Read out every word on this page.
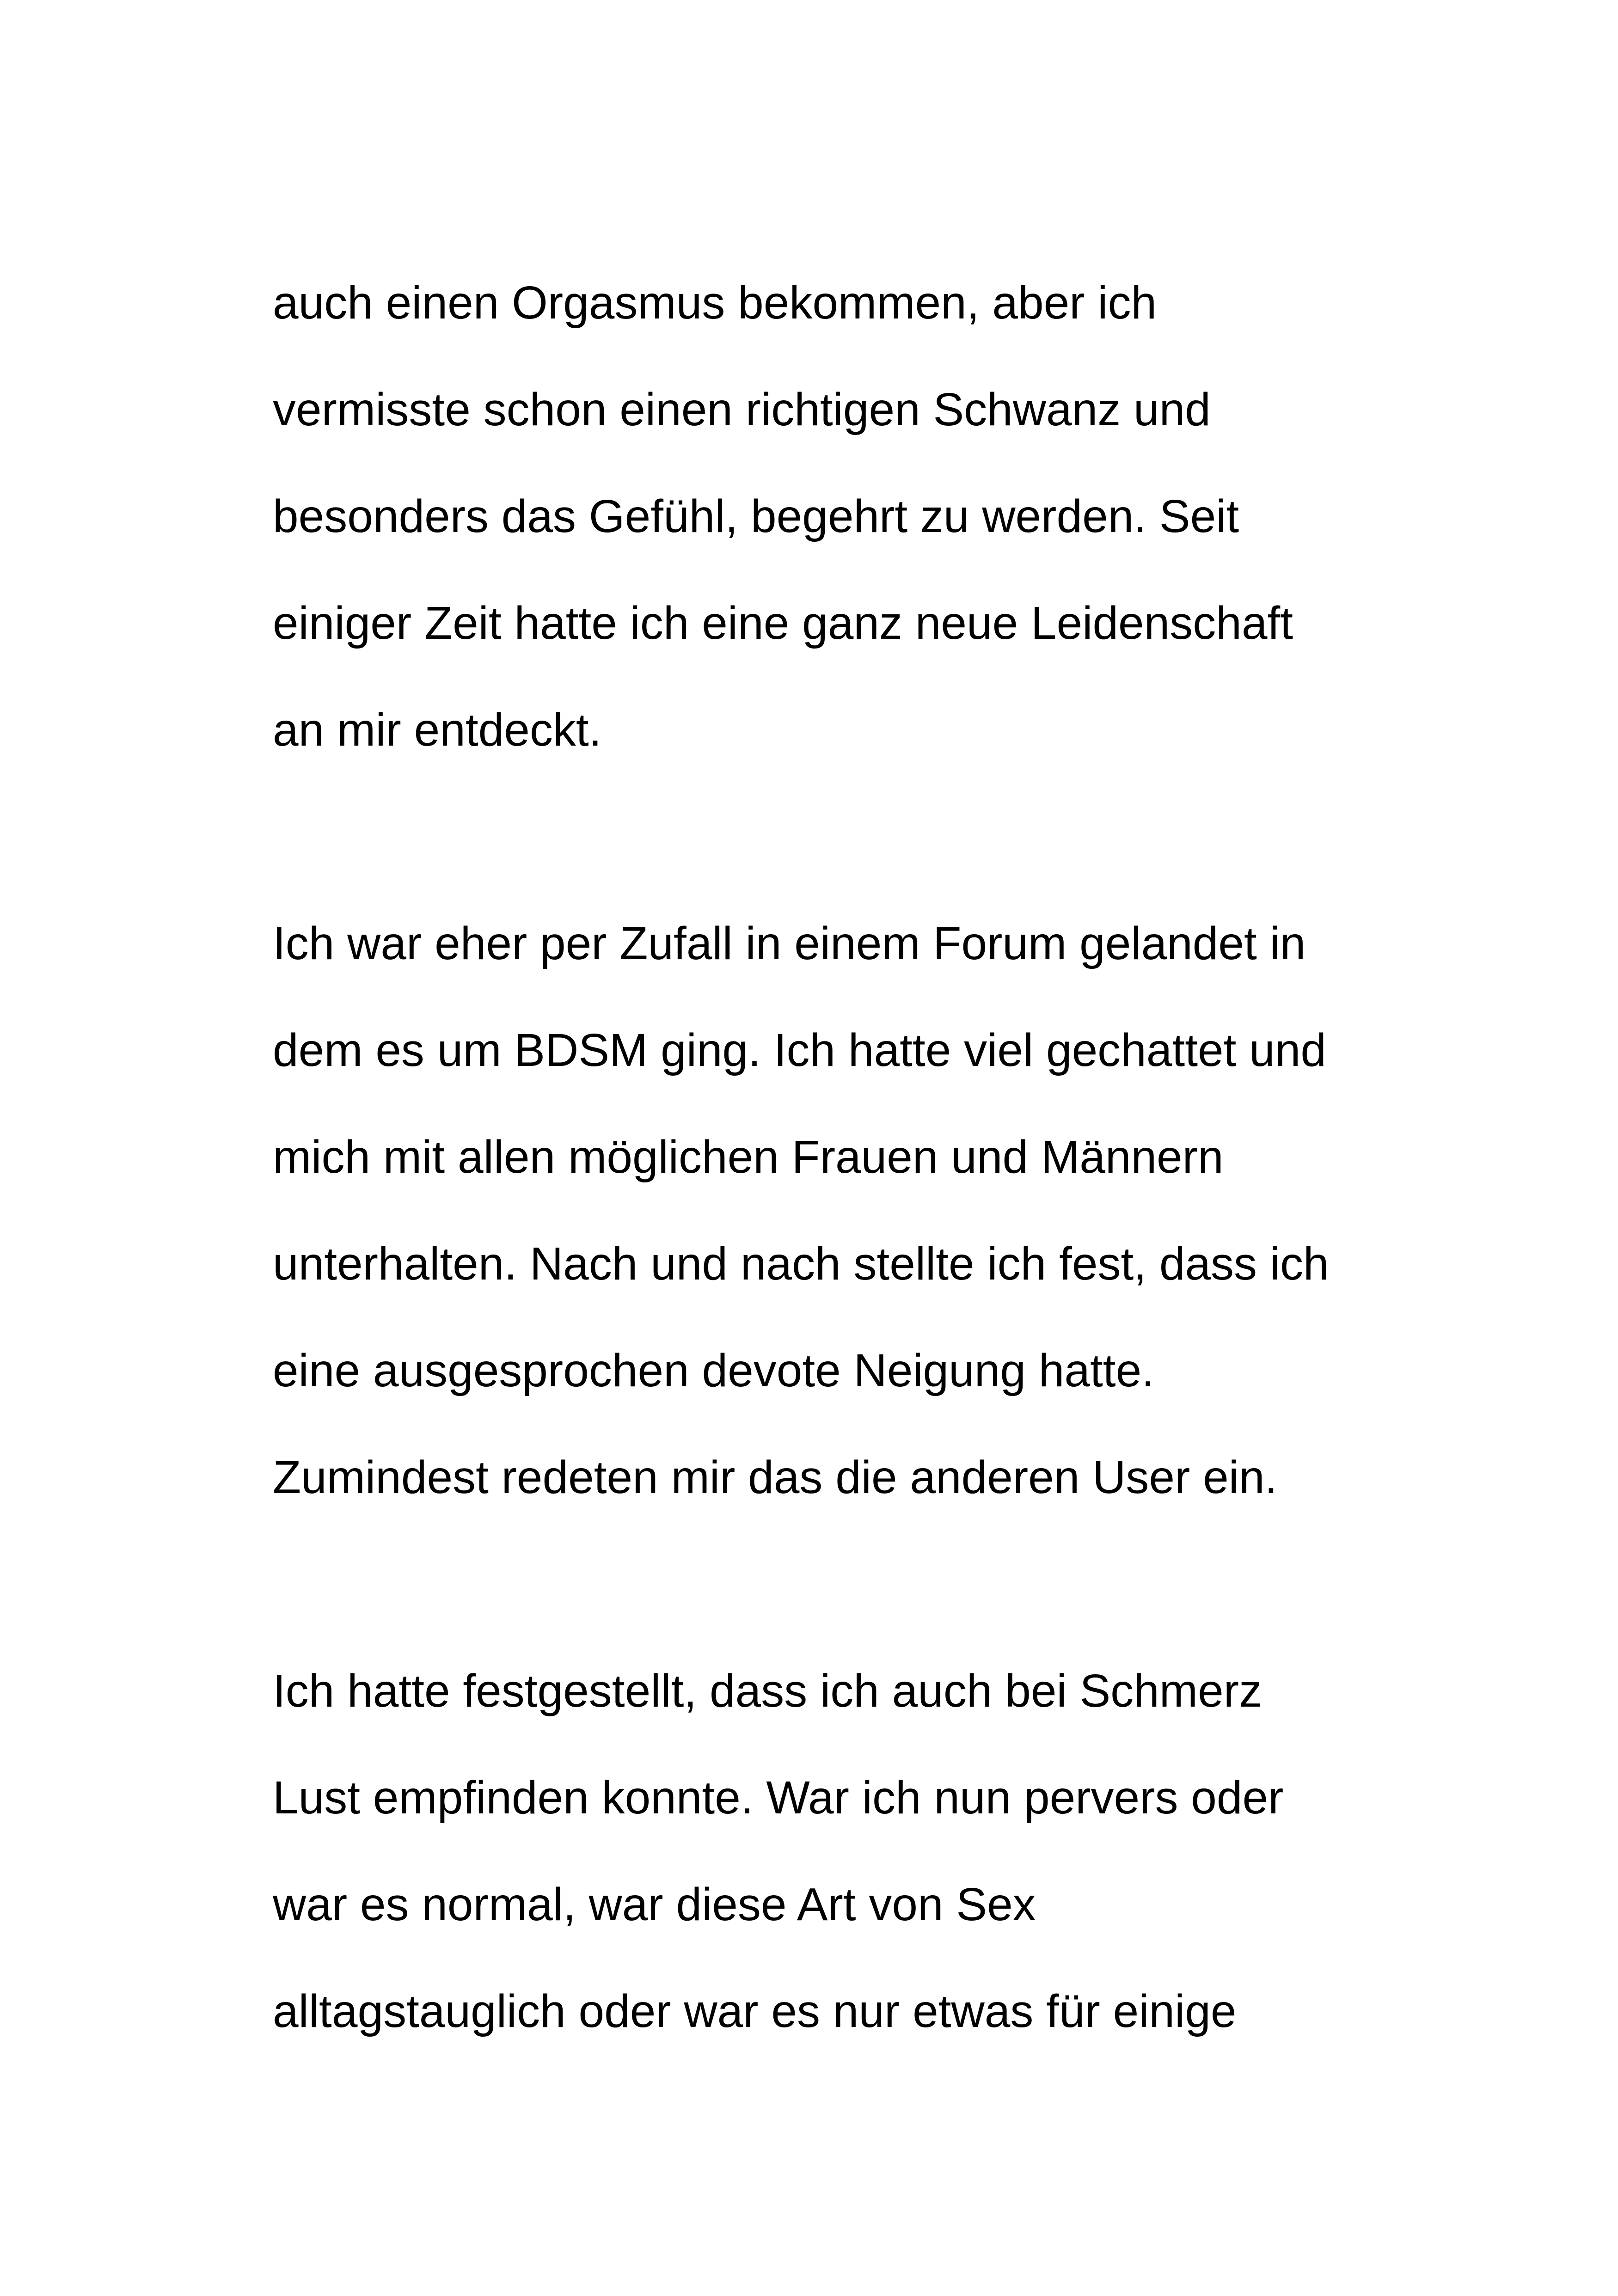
auch einen Orgasmus bekommen, aber ich
vermisste schon einen richtigen Schwanz und
besonders das Gefühl, begehrt zu werden. Seit
einiger Zeit hatte ich eine ganz neue Leidenschaft
an mir entdeckt.

Ich war eher per Zufall in einem Forum gelandet in
dem es um BDSM ging. Ich hatte viel gechattet und
mich mit allen möglichen Frauen und Männern
unterhalten. Nach und nach stellte ich fest, dass ich
eine ausgesprochen devote Neigung hatte.
Zumindest redeten mir das die anderen User ein.

Ich hatte festgestellt, dass ich auch bei Schmerz
Lust empfinden konnte. War ich nun pervers oder
war es normal, war diese Art von Sex
alltagstauglich oder war es nur etwas für einige
